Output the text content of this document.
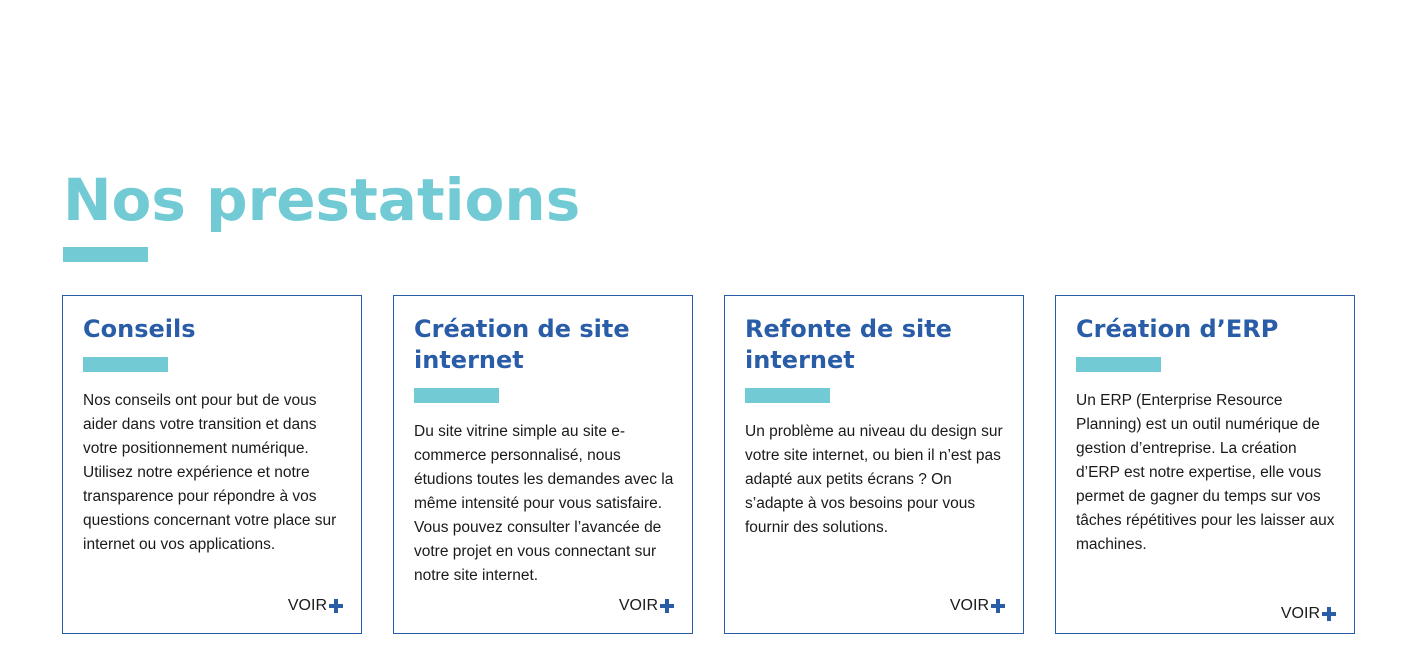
Nos prestations
Conseils

Nos conseils ont pour but de vous aider dans votre transition et dans votre positionnement numérique. Utilisez notre expérience et notre transparence pour répondre à vos questions concernant votre place sur internet ou vos applications.

VOIR
Création de site internet

Du site vitrine simple au site e-commerce personnalisé, nous étudions toutes les demandes avec la même intensité pour vous satisfaire. Vous pouvez consulter l’avancée de votre projet en vous connectant sur notre site internet.

VOIR
Refonte de site internet

Un problème au niveau du design sur votre site internet, ou bien il n’est pas adapté aux petits écrans ? On s’adapte à vos besoins pour vous fournir des solutions.

VOIR
Création d’ERP

Un ERP (Enterprise Resource Planning) est un outil numérique de gestion d’entreprise. La création d’ERP est notre expertise, elle vous permet de gagner du temps sur vos tâches répétitives pour les laisser aux machines.

VOIR
